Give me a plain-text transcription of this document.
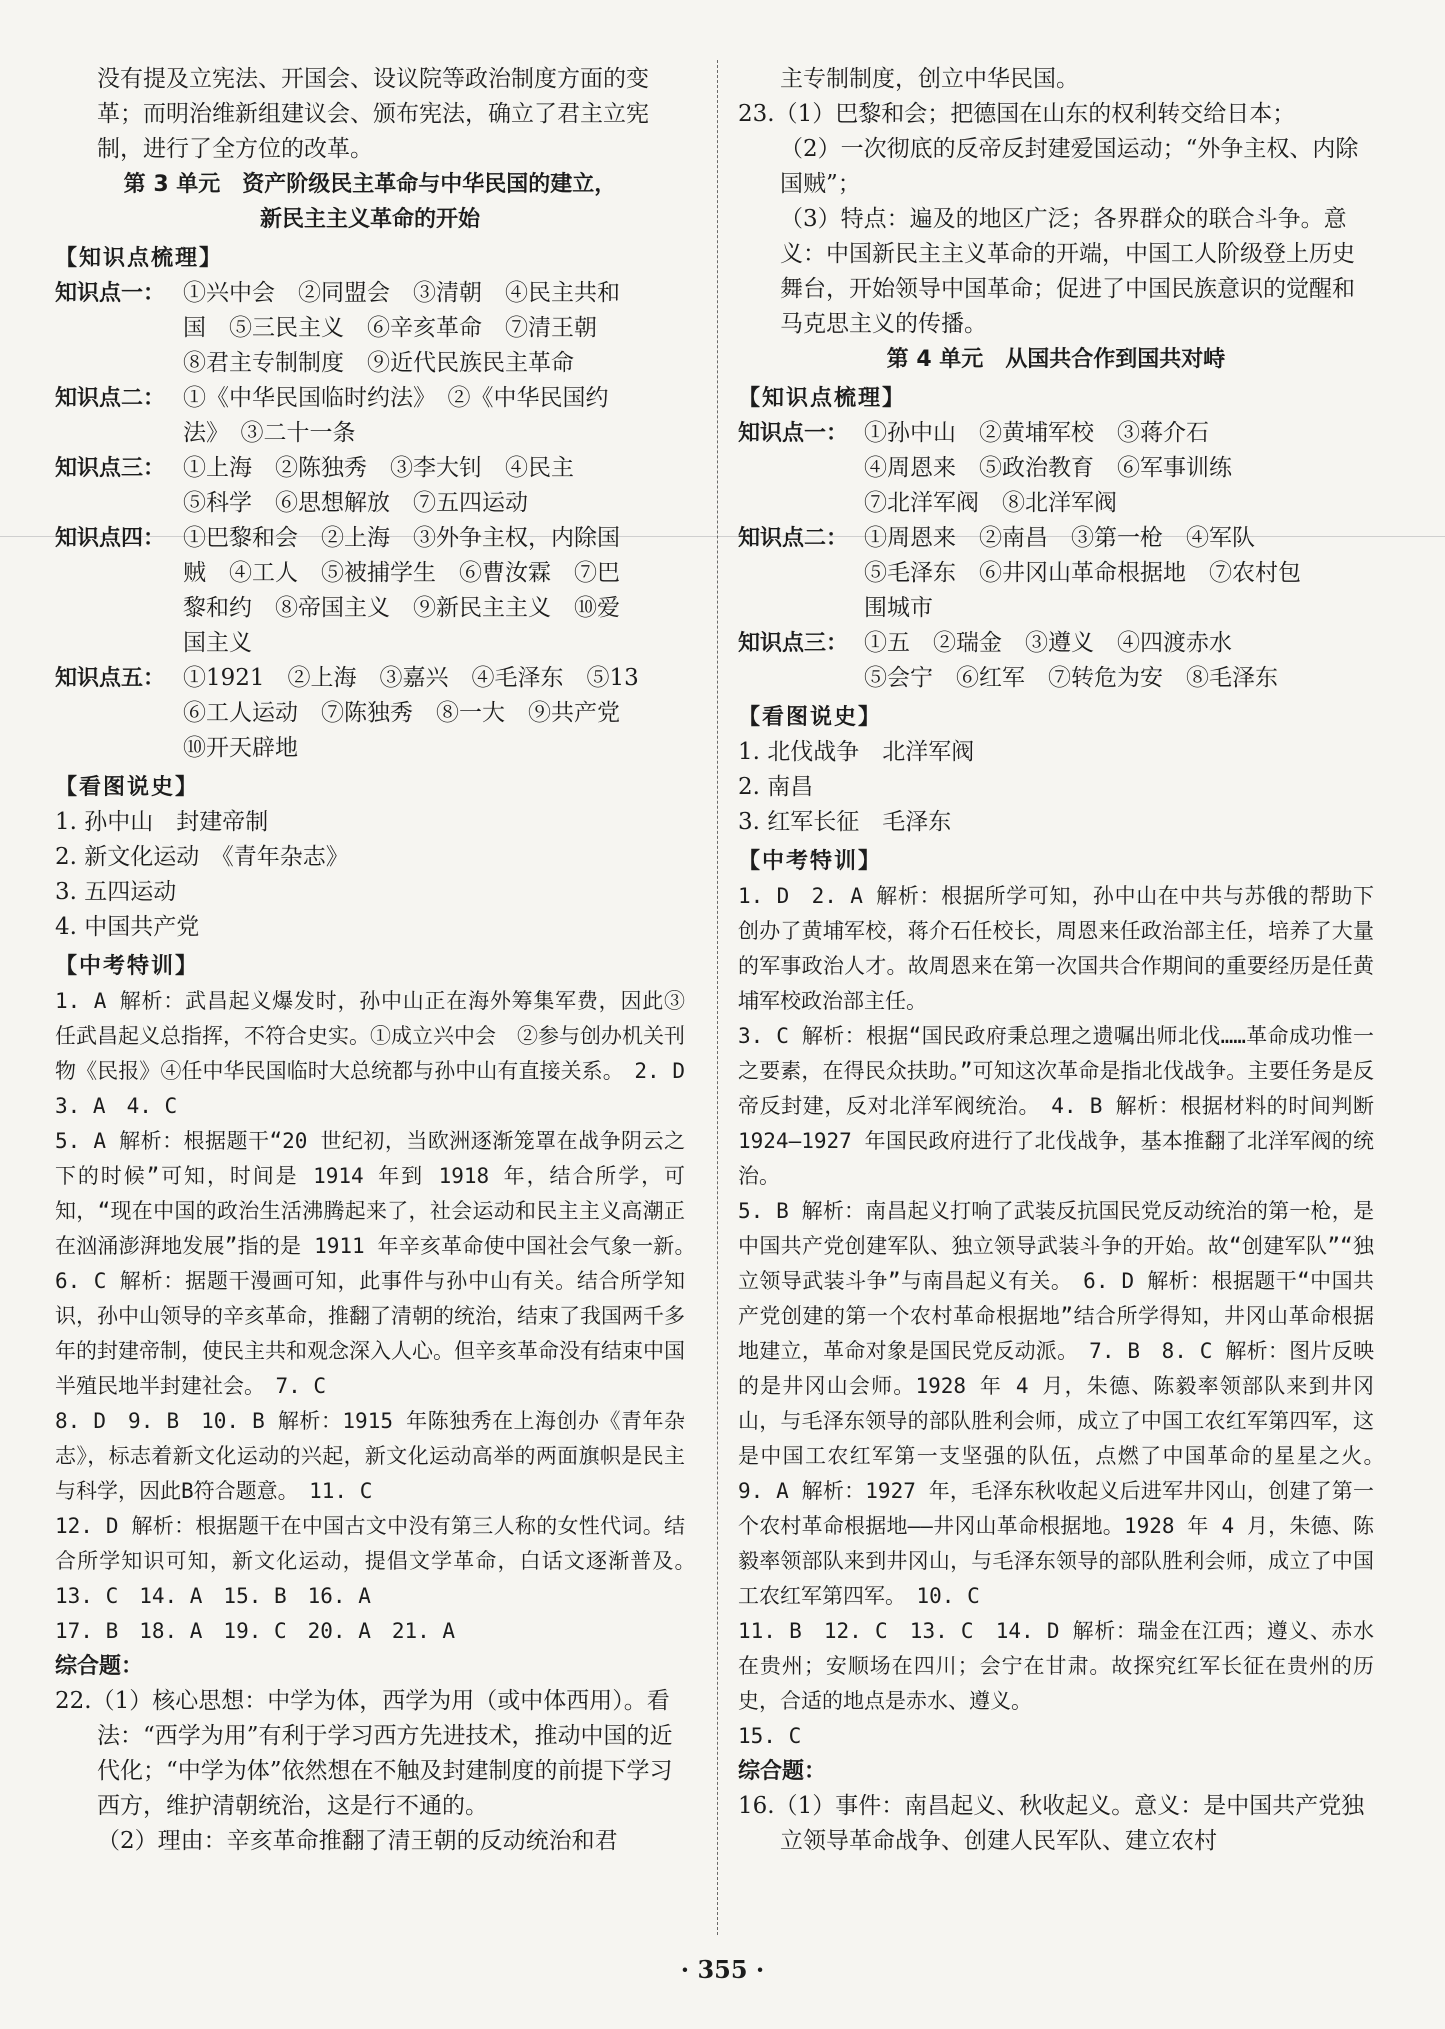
没有提及立宪法、开国会、设议院等政治制度方面的变革；而明治维新组建议会、颁布宪法，确立了君主立宪制，进行了全方位的改革。

第 3 单元　资产阶级民主革命与中华民国的建立，

新民主主义革命的开始

【知识点梳理】

知识点一： ①兴中会　②同盟会　③清朝　④民主共和
国　⑤三民主义　⑥辛亥革命　⑦清王朝
⑧君主专制制度　⑨近代民族民主革命
知识点二： ①《中华民国临时约法》　②《中华民国约
法》　③二十一条
知识点三： ①上海　②陈独秀　③李大钊　④民主
⑤科学　⑥思想解放　⑦五四运动
知识点四： ①巴黎和会　②上海　③外争主权，内除国
贼　④工人　⑤被捕学生　⑥曹汝霖　⑦巴
黎和约　⑧帝国主义　⑨新民主主义　⑩爱
国主义
知识点五： ①1921　②上海　③嘉兴　④毛泽东　⑤13
⑥工人运动　⑦陈独秀　⑧一大　⑨共产党
⑩开天辟地

【看图说史】

1. 孙中山　封建帝制
2. 新文化运动　《青年杂志》
3. 五四运动
4. 中国共产党

【中考特训】

1. A 解析：武昌起义爆发时，孙中山正在海外筹集军费，因此③任武昌起义总指挥，不符合史实。①成立兴中会　②参与创办机关刊物《民报》④任中华民国临时大总统都与孙中山有直接关系。　2. D　3. A　4. C
5. A 解析：根据题干“20 世纪初，当欧洲逐渐笼罩在战争阴云之下的时候”可知，时间是 1914 年到 1918 年，结合所学，可知，“现在中国的政治生活沸腾起来了，社会运动和民主主义高潮正在汹涌澎湃地发展”指的是 1911 年辛亥革命使中国社会气象一新。　6. C 解析：据题干漫画可知，此事件与孙中山有关。结合所学知识，孙中山领导的辛亥革命，推翻了清朝的统治，结束了我国两千多年的封建帝制，使民主共和观念深入人心。但辛亥革命没有结束中国半殖民地半封建社会。　7. C
8. D　9. B　10. B 解析：1915 年陈独秀在上海创办《青年杂志》，标志着新文化运动的兴起，新文化运动高举的两面旗帜是民主与科学，因此B符合题意。　11. C
12. D 解析：根据题干在中国古文中没有第三人称的女性代词。结合所学知识可知，新文化运动，提倡文学革命，白话文逐渐普及。　13. C　14. A　15. B　16. A
17. B　18. A　19. C　20. A　21. A

综合题：

22.（1）核心思想：中学为体，西学为用（或中体西用）。看法：“西学为用”有利于学习西方先进技术，推动中国的近代化；“中学为体”依然想在不触及封建制度的前提下学习西方，维护清朝统治，这是行不通的。
（2）理由：辛亥革命推翻了清王朝的反动统治和君

主专制制度，创立中华民国。

23.（1）巴黎和会；把德国在山东的权利转交给日本；
（2）一次彻底的反帝反封建爱国运动；“外争主权、内除国贼”；
（3）特点：遍及的地区广泛；各界群众的联合斗争。意义：中国新民主主义革命的开端，中国工人阶级登上历史舞台，开始领导中国革命；促进了中国民族意识的觉醒和马克思主义的传播。

第 4 单元　从国共合作到国共对峙

【知识点梳理】

知识点一： ①孙中山　②黄埔军校　③蒋介石
④周恩来　⑤政治教育　⑥军事训练
⑦北洋军阀　⑧北洋军阀
知识点二： ①周恩来　②南昌　③第一枪　④军队
⑤毛泽东　⑥井冈山革命根据地　⑦农村包
围城市
知识点三： ①五　②瑞金　③遵义　④四渡赤水
⑤会宁　⑥红军　⑦转危为安　⑧毛泽东

【看图说史】

1. 北伐战争　北洋军阀
2. 南昌
3. 红军长征　毛泽东

【中考特训】

1. D　2. A 解析：根据所学可知，孙中山在中共与苏俄的帮助下创办了黄埔军校，蒋介石任校长，周恩来任政治部主任，培养了大量的军事政治人才。故周恩来在第一次国共合作期间的重要经历是任黄埔军校政治部主任。
3. C 解析：根据“国民政府秉总理之遗嘱出师北伐……革命成功惟一之要素，在得民众扶助。”可知这次革命是指北伐战争。主要任务是反帝反封建，反对北洋军阀统治。　4. B 解析：根据材料的时间判断 1924—1927 年国民政府进行了北伐战争，基本推翻了北洋军阀的统治。
5. B 解析：南昌起义打响了武装反抗国民党反动统治的第一枪，是中国共产党创建军队、独立领导武装斗争的开始。故“创建军队”“独立领导武装斗争”与南昌起义有关。　6. D 解析：根据题干“中国共产党创建的第一个农村革命根据地”结合所学得知，井冈山革命根据地建立，革命对象是国民党反动派。　7. B　8. C 解析：图片反映的是井冈山会师。1928 年 4 月，朱德、陈毅率领部队来到井冈山，与毛泽东领导的部队胜利会师，成立了中国工农红军第四军，这是中国工农红军第一支坚强的队伍，点燃了中国革命的星星之火。　9. A 解析：1927 年，毛泽东秋收起义后进军井冈山，创建了第一个农村革命根据地——井冈山革命根据地。1928 年 4 月，朱德、陈毅率领部队来到井冈山，与毛泽东领导的部队胜利会师，成立了中国工农红军第四军。　10. C
11. B　12. C　13. C　14. D 解析：瑞金在江西；遵义、赤水在贵州；安顺场在四川；会宁在甘肃。故探究红军长征在贵州的历史，合适的地点是赤水、遵义。
15. C

综合题：

16.（1）事件：南昌起义、秋收起义。意义：是中国共产党独立领导革命战争、创建人民军队、建立农村
· 355 ·
